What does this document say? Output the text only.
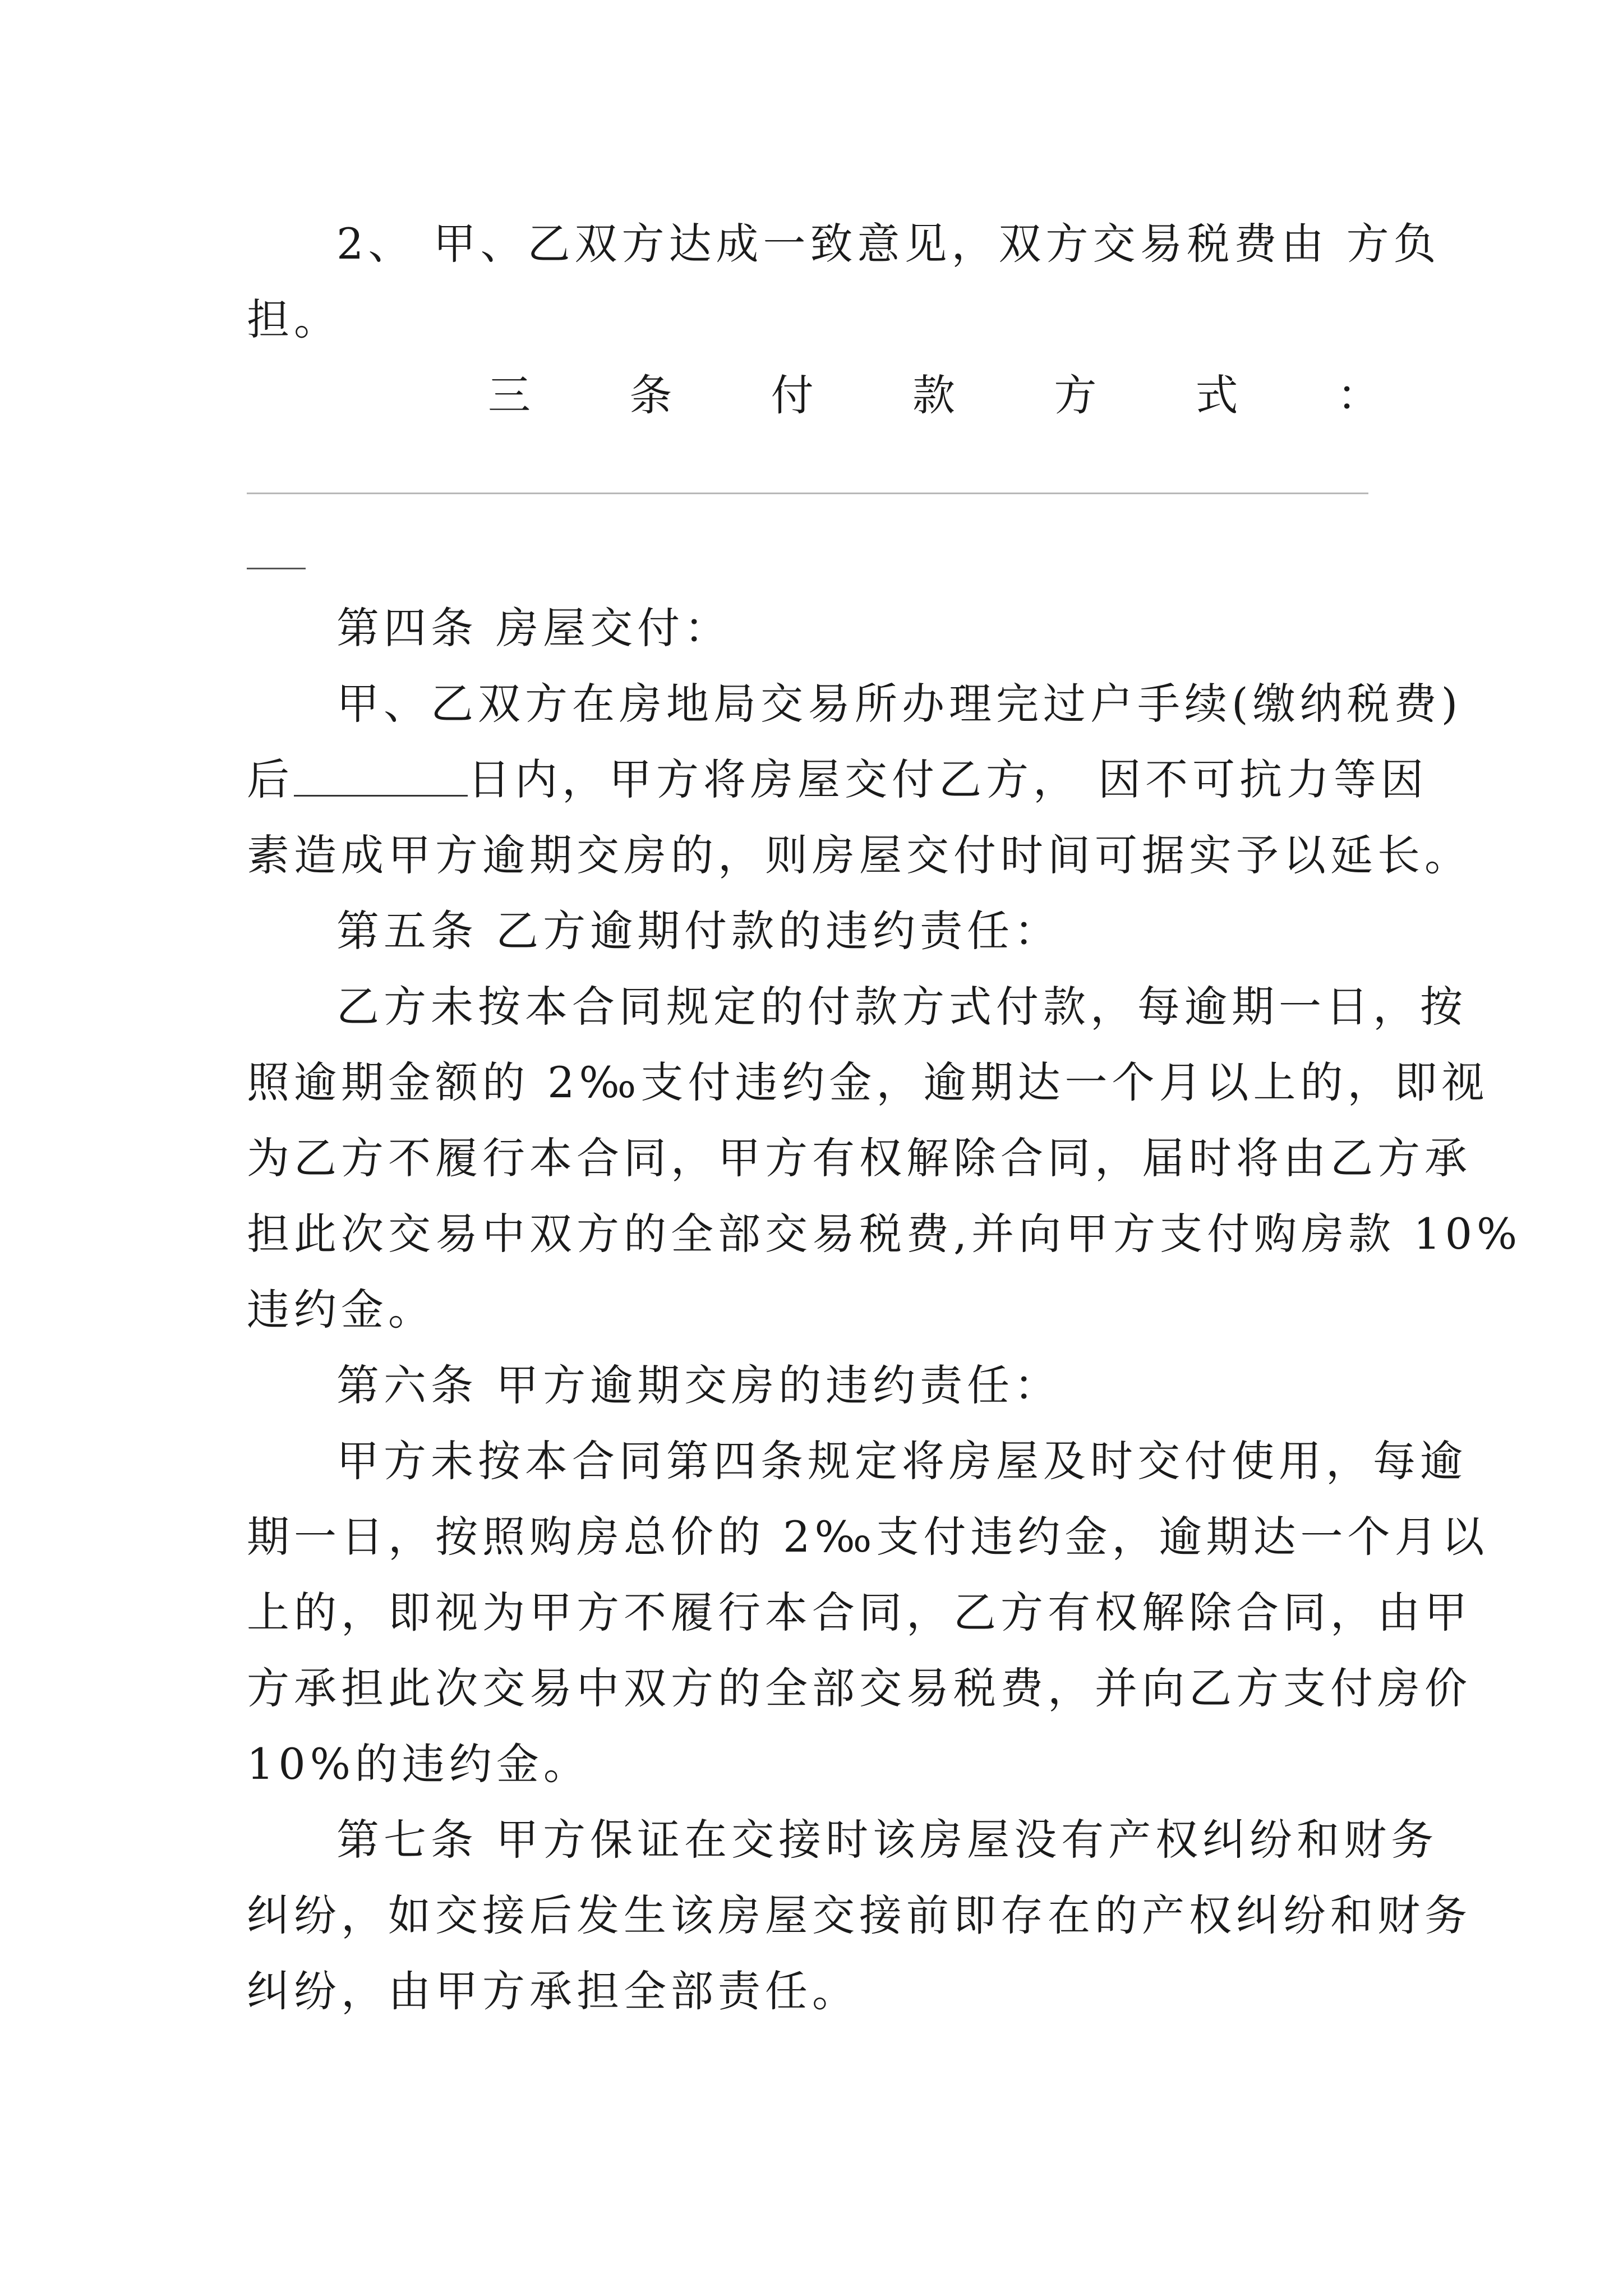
2、 甲、乙双方达成一致意见，双方交易税费由 方负
担。
三 条 付 款 方 式 ：
第四条 房屋交付：
甲、乙双方在房地局交易所办理完过户手续(缴纳税费)
后	日内，甲方将房屋交付乙方， 因不可抗力等因
素造成甲方逾期交房的，则房屋交付时间可据实予以延长。
第五条 乙方逾期付款的违约责任：
乙方未按本合同规定的付款方式付款，每逾期一日，按
照逾期金额的 2‰支付违约金，逾期达一个月以上的，即视
为乙方不履行本合同，甲方有权解除合同，届时将由乙方承
担此次交易中双方的全部交易税费,并向甲方支付购房款 10%
违约金。
第六条 甲方逾期交房的违约责任：
甲方未按本合同第四条规定将房屋及时交付使用，每逾
期一日，按照购房总价的 2‰支付违约金，逾期达一个月以
上的，即视为甲方不履行本合同，乙方有权解除合同，由甲
方承担此次交易中双方的全部交易税费，并向乙方支付房价
10%的违约金。
第七条 甲方保证在交接时该房屋没有产权纠纷和财务
纠纷，如交接后发生该房屋交接前即存在的产权纠纷和财务
纠纷，由甲方承担全部责任。
